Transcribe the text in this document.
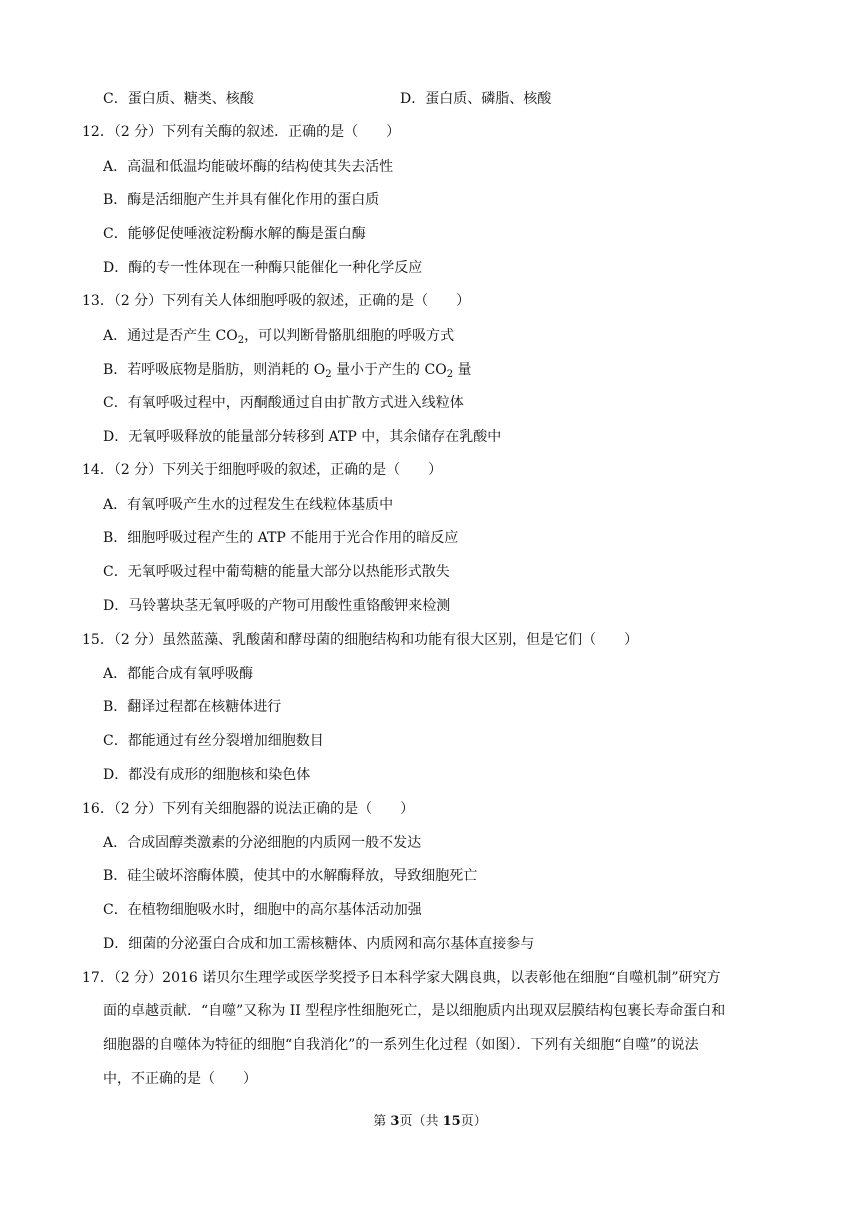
C．蛋白质、糖类、核酸	D．蛋白质、磷脂、核酸
12．（2 分）下列有关酶的叙述．正确的是（　　）
A．高温和低温均能破坏酶的结构使其失去活性
B．酶是活细胞产生并具有催化作用的蛋白质
C．能够促使唾液淀粉酶水解的酶是蛋白酶
D．酶的专一性体现在一种酶只能催化一种化学反应
13．（2 分）下列有关人体细胞呼吸的叙述，正确的是（　　）
A．通过是否产生 $CO_2$，可以判断骨骼肌细胞的呼吸方式
B．若呼吸底物是脂肪，则消耗的 $O_2$ 量小于产生的 $CO_2$ 量
C．有氧呼吸过程中，丙酮酸通过自由扩散方式进入线粒体
D．无氧呼吸释放的能量部分转移到 ATP 中，其余储存在乳酸中
14．（2 分）下列关于细胞呼吸的叙述，正确的是（　　）
A．有氧呼吸产生水的过程发生在线粒体基质中
B．细胞呼吸过程产生的 ATP 不能用于光合作用的暗反应
C．无氧呼吸过程中葡萄糖的能量大部分以热能形式散失
D．马铃薯块茎无氧呼吸的产物可用酸性重铬酸钾来检测
15．（2 分）虽然蓝藻、乳酸菌和酵母菌的细胞结构和功能有很大区别，但是它们（　　）
A．都能合成有氧呼吸酶
B．翻译过程都在核糖体进行
C．都能通过有丝分裂增加细胞数目
D．都没有成形的细胞核和染色体
16．（2 分）下列有关细胞器的说法正确的是（　　）
A．合成固醇类激素的分泌细胞的内质网一般不发达
B．硅尘破坏溶酶体膜，使其中的水解酶释放，导致细胞死亡
C．在植物细胞吸水时，细胞中的高尔基体活动加强
D．细菌的分泌蛋白合成和加工需核糖体、内质网和高尔基体直接参与
17．（2 分）2016 诺贝尔生理学或医学奖授予日本科学家大隅良典，以表彰他在细胞“自噬机制”研究方
面的卓越贡献．“自噬”又称为 II 型程序性细胞死亡，是以细胞质内出现双层膜结构包裹长寿命蛋白和
细胞器的自噬体为特征的细胞“自我消化”的一系列生化过程（如图）．下列有关细胞“自噬”的说法
中，不正确的是（　　）
第 3页（共 15页）
